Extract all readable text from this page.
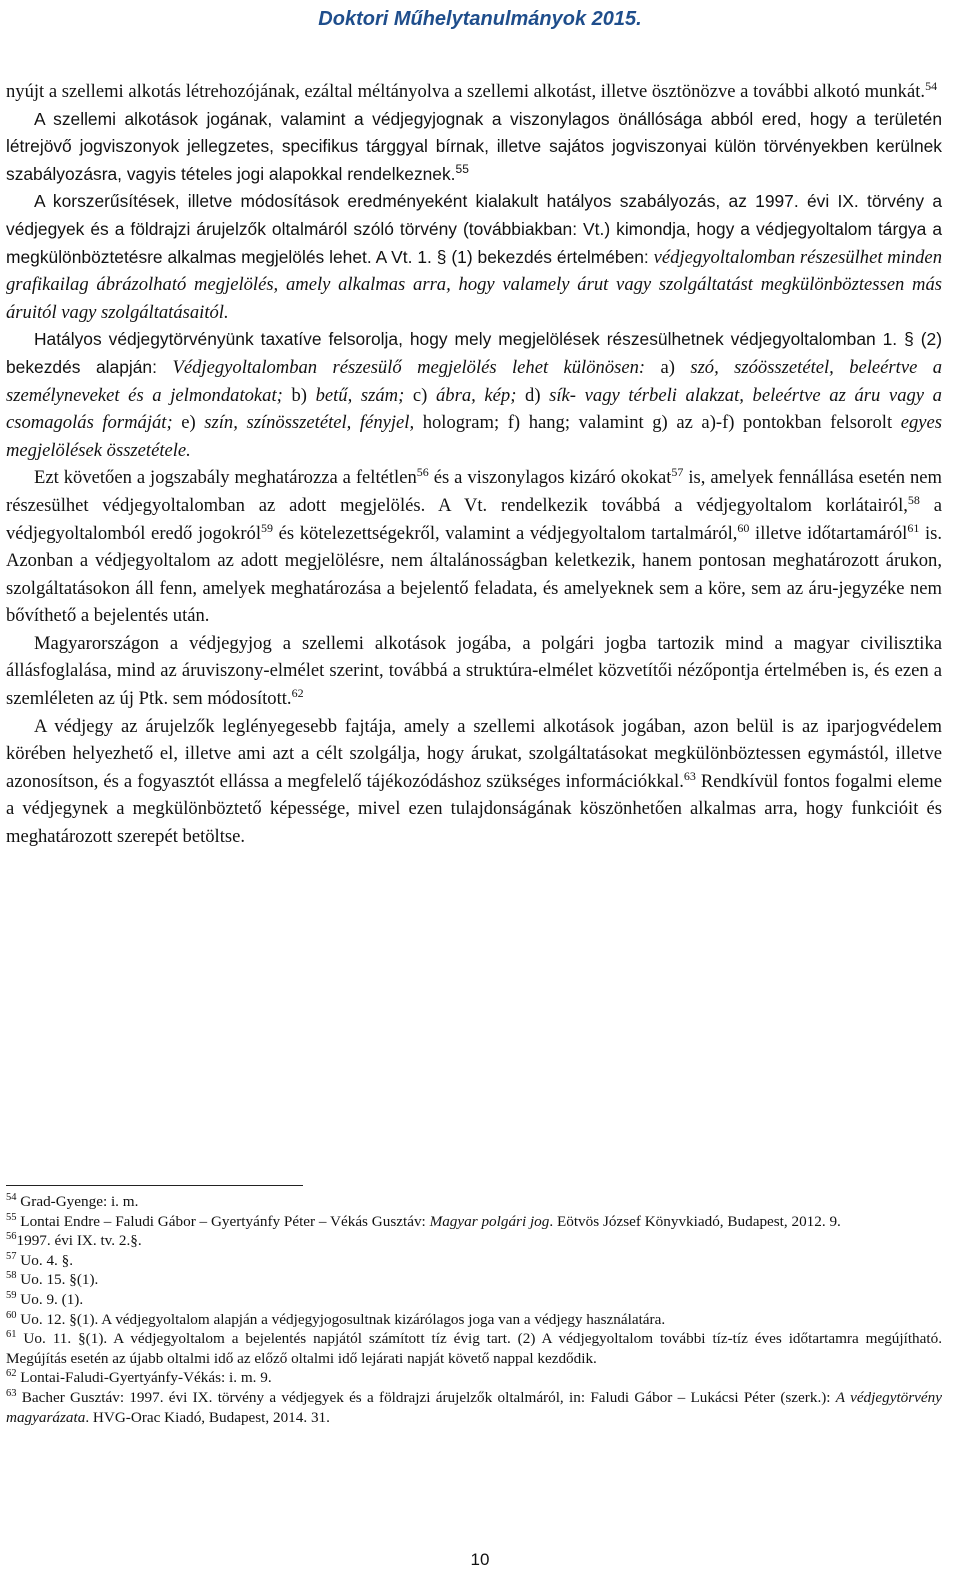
Doktori Műhelytanulmányok 2015.

nyújt a szellemi alkotás létrehozójának, ezáltal méltányolva a szellemi alkotást, illetve ösztönözve a további alkotó munkát.$^{54}$

A szellemi alkotások jogának, valamint a védjegyjognak a viszonylagos önállósága abból ered, hogy a területén létrejövő jogviszonyok jellegzetes, specifikus tárggyal bírnak, illetve sajátos jogviszonyai külön törvényekben kerülnek szabályozásra, vagyis tételes jogi alapokkal rendelkeznek.$^{55}$

A korszerűsítések, illetve módosítások eredményeként kialakult hatályos szabályozás, az 1997. évi IX. törvény a védjegyek és a földrajzi árujelzők oltalmáról szóló törvény (továbbiakban: Vt.) kimondja, hogy a védjegyoltalom tárgya a megkülönböztetésre alkalmas megjelölés lehet. A Vt. 1. § (1) bekezdés értelmében: védjegyoltalomban részesülhet minden grafikailag ábrázolható megjelölés, amely alkalmas arra, hogy valamely árut vagy szolgáltatást megkülönböztessen más áruitól vagy szolgáltatásaitól.

Hatályos védjegytörvényünk taxatíve felsorolja, hogy mely megjelölések részesülhetnek védjegyoltalomban 1. § (2) bekezdés alapján: Védjegyoltalomban részesülő megjelölés lehet különösen: a) szó, szóösszetétel, beleértve a személyneveket és a jelmondatokat; b) betű, szám; c) ábra, kép; d) sík- vagy térbeli alakzat, beleértve az áru vagy a csomagolás formáját; e) szín, színösszetétel, fényjel, hologram; f) hang; valamint g) az a)-f) pontokban felsorolt egyes megjelölések összetétele.

Ezt követően a jogszabály meghatározza a feltétlen$^{56}$ és a viszonylagos kizáró okokat$^{57}$ is, amelyek fennállása esetén nem részesülhet védjegyoltalomban az adott megjelölés. A Vt. rendelkezik továbbá a védjegyoltalom korlátairól,$^{58}$ a védjegyoltalomból eredő jogokról$^{59}$ és kötelezettségekről, valamint a védjegyoltalom tartalmáról,$^{60}$ illetve időtartamáról$^{61}$ is. Azonban a védjegyoltalom az adott megjelölésre, nem általánosságban keletkezik, hanem pontosan meghatározott árukon, szolgáltatásokon áll fenn, amelyek meghatározása a bejelentő feladata, és amelyeknek sem a köre, sem az áru-jegyzéke nem bővíthető a bejelentés után.

Magyarországon a védjegyjog a szellemi alkotások jogába, a polgári jogba tartozik mind a magyar civilisztika állásfoglalása, mind az áruviszony-elmélet szerint, továbbá a struktúra-elmélet közvetítői nézőpontja értelmében is, és ezen a szemléleten az új Ptk. sem módosított.$^{62}$

A védjegy az árujelzők leglényegesebb fajtája, amely a szellemi alkotások jogában, azon belül is az iparjogvédelem körében helyezhető el, illetve ami azt a célt szolgálja, hogy árukat, szolgáltatásokat megkülönböztessen egymástól, illetve azonosítson, és a fogyasztót ellássa a megfelelő tájékozódáshoz szükséges információkkal.$^{63}$ Rendkívül fontos fogalmi eleme a védjegynek a megkülönböztető képessége, mivel ezen tulajdonságának köszönhetően alkalmas arra, hogy funkcióit és meghatározott szerepét betöltse.

$^{54}$ Grad-Gyenge: i. m.

$^{55}$ Lontai Endre – Faludi Gábor – Gyertyánfy Péter – Vékás Gusztáv: Magyar polgári jog. Eötvös József Könyvkiadó, Budapest, 2012. 9.

$^{56}$1997. évi IX. tv. 2.§.

$^{57}$ Uo. 4. §.

$^{58}$ Uo. 15. §(1).

$^{59}$ Uo. 9. (1).

$^{60}$ Uo. 12. §(1). A védjegyoltalom alapján a védjegyjogosultnak kizárólagos joga van a védjegy használatára.

$^{61}$ Uo. 11. §(1). A védjegyoltalom a bejelentés napjától számított tíz évig tart. (2) A védjegyoltalom további tíz-tíz éves időtartamra megújítható. Megújítás esetén az újabb oltalmi idő az előző oltalmi idő lejárati napját követő nappal kezdődik.

$^{62}$ Lontai-Faludi-Gyertyánfy-Vékás: i. m. 9.

$^{63}$ Bacher Gusztáv: 1997. évi IX. törvény a védjegyek és a földrajzi árujelzők oltalmáról, in: Faludi Gábor – Lukácsi Péter (szerk.): A védjegytörvény magyarázata. HVG-Orac Kiadó, Budapest, 2014. 31.

10
